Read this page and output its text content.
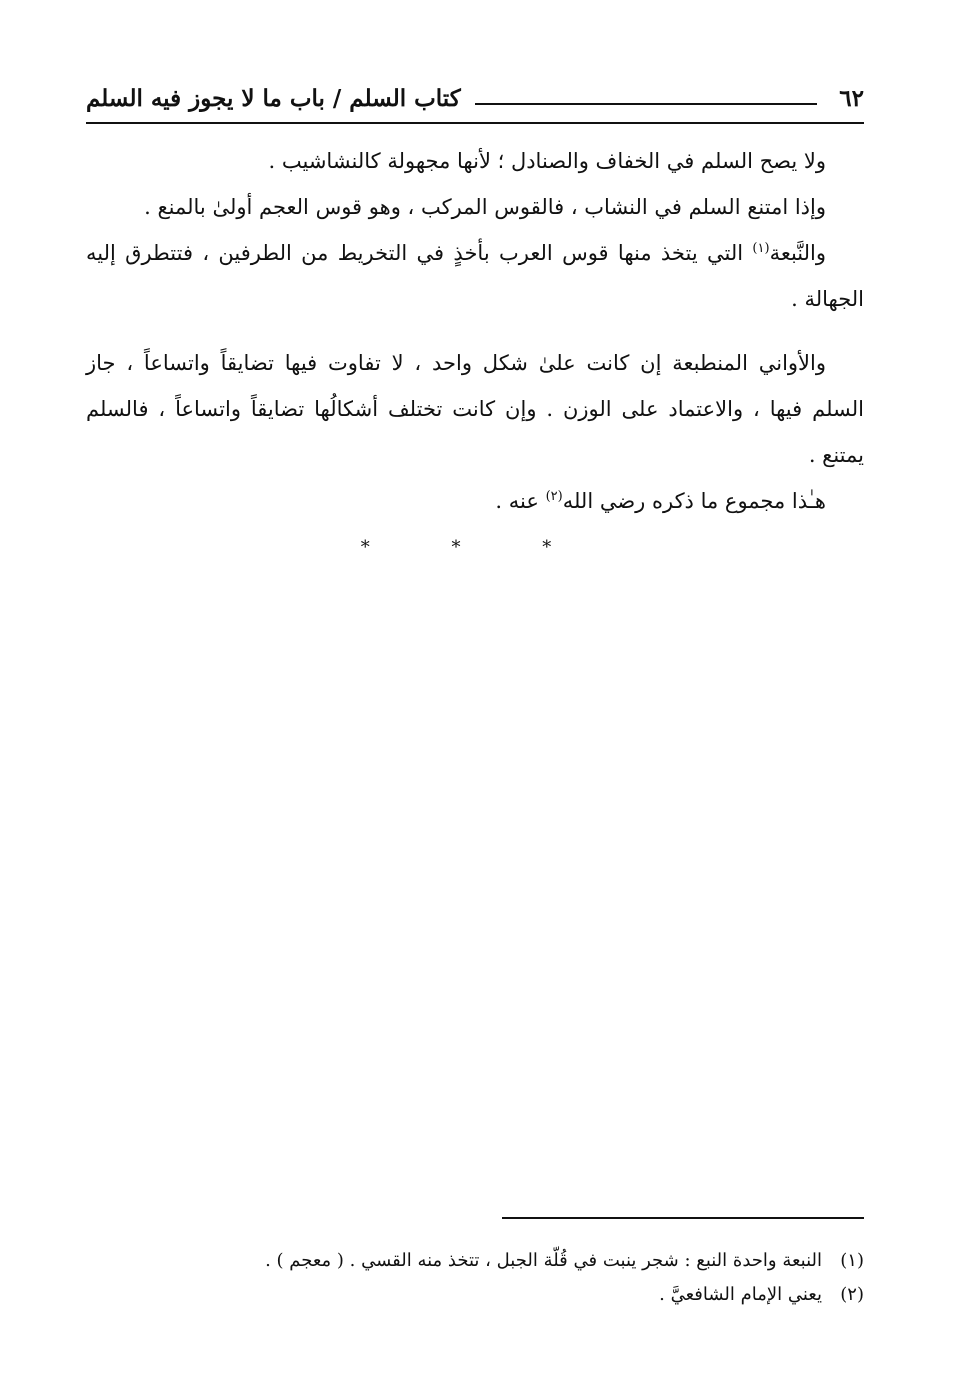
٦٢
كتاب السلم / باب ما لا يجوز فيه السلم

ولا يصح السلم في الخفاف والصنادل ؛ لأنها مجهولة كالنشاشيب .

وإذا امتنع السلم في النشاب ، فالقوس المركب ، وهو قوس العجم أولىٰ بالمنع .

والنَّبعة$^{(١)}$ التي يتخذ منها قوس العرب بأخذٍ في التخريط من الطرفين ، فتتطرق إليه الجهالة .

والأواني المنطبعة إن كانت علىٰ شكل واحد ، لا تفاوت فيها تضايقاً واتساعاً ، جاز السلم فيها ، والاعتماد على الوزن . وإن كانت تختلف أشكالُها تضايقاً واتساعاً ، فالسلم يمتنع .

هـٰذا مجموع ما ذكره رضي الله$^{(٢)}$ عنه .

* * *

(١)النبعة واحدة النبع : شجر ينبت في قُلّة الجبل ، تتخذ منه القسي . ( معجم ) .

(٢)يعني الإمام الشافعيَّ .
